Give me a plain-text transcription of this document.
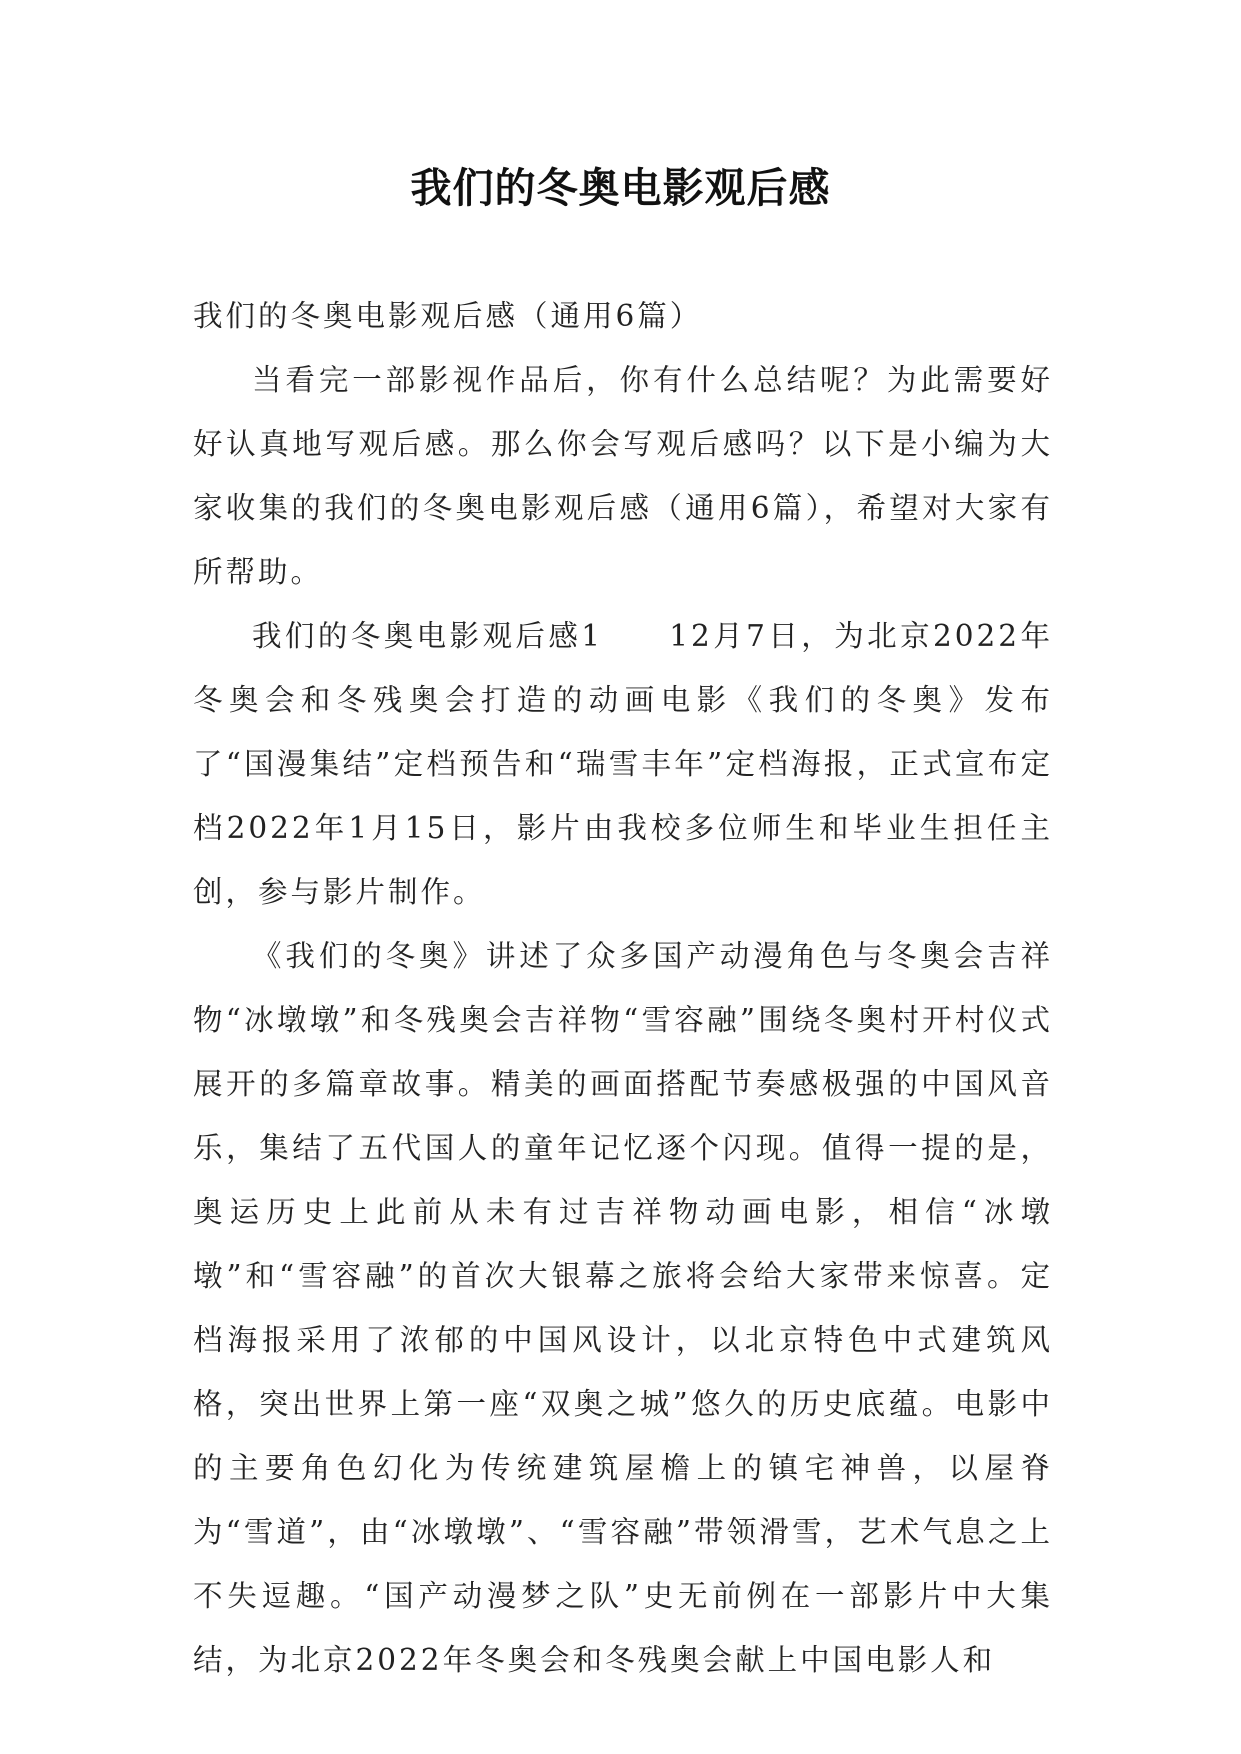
我们的冬奥电影观后感

我们的冬奥电影观后感（通用6篇）

当看完一部影视作品后，你有什么总结呢？为此需要好好认真地写观后感。那么你会写观后感吗？以下是小编为大家收集的我们的冬奥电影观后感（通用6篇），希望对大家有所帮助。

我们的冬奥电影观后感1　　12月7日，为北京2022年冬奥会和冬残奥会打造的动画电影《我们的冬奥》发布了“国漫集结”定档预告和“瑞雪丰年”定档海报，正式宣布定档2022年1月15日，影片由我校多位师生和毕业生担任主创，参与影片制作。

《我们的冬奥》讲述了众多国产动漫角色与冬奥会吉祥物“冰墩墩”和冬残奥会吉祥物“雪容融”围绕冬奥村开村仪式展开的多篇章故事。精美的画面搭配节奏感极强的中国风音乐，集结了五代国人的童年记忆逐个闪现。值得一提的是，奥运历史上此前从未有过吉祥物动画电影，相信“冰墩墩”和“雪容融”的首次大银幕之旅将会给大家带来惊喜。定档海报采用了浓郁的中国风设计，以北京特色中式建筑风格，突出世界上第一座“双奥之城”悠久的历史底蕴。电影中的主要角色幻化为传统建筑屋檐上的镇宅神兽，以屋脊为“雪道”，由“冰墩墩”、“雪容融”带领滑雪，艺术气息之上不失逗趣。“国产动漫梦之队”史无前例在一部影片中大集结，为北京2022年冬奥会和冬残奥会献上中国电影人和
